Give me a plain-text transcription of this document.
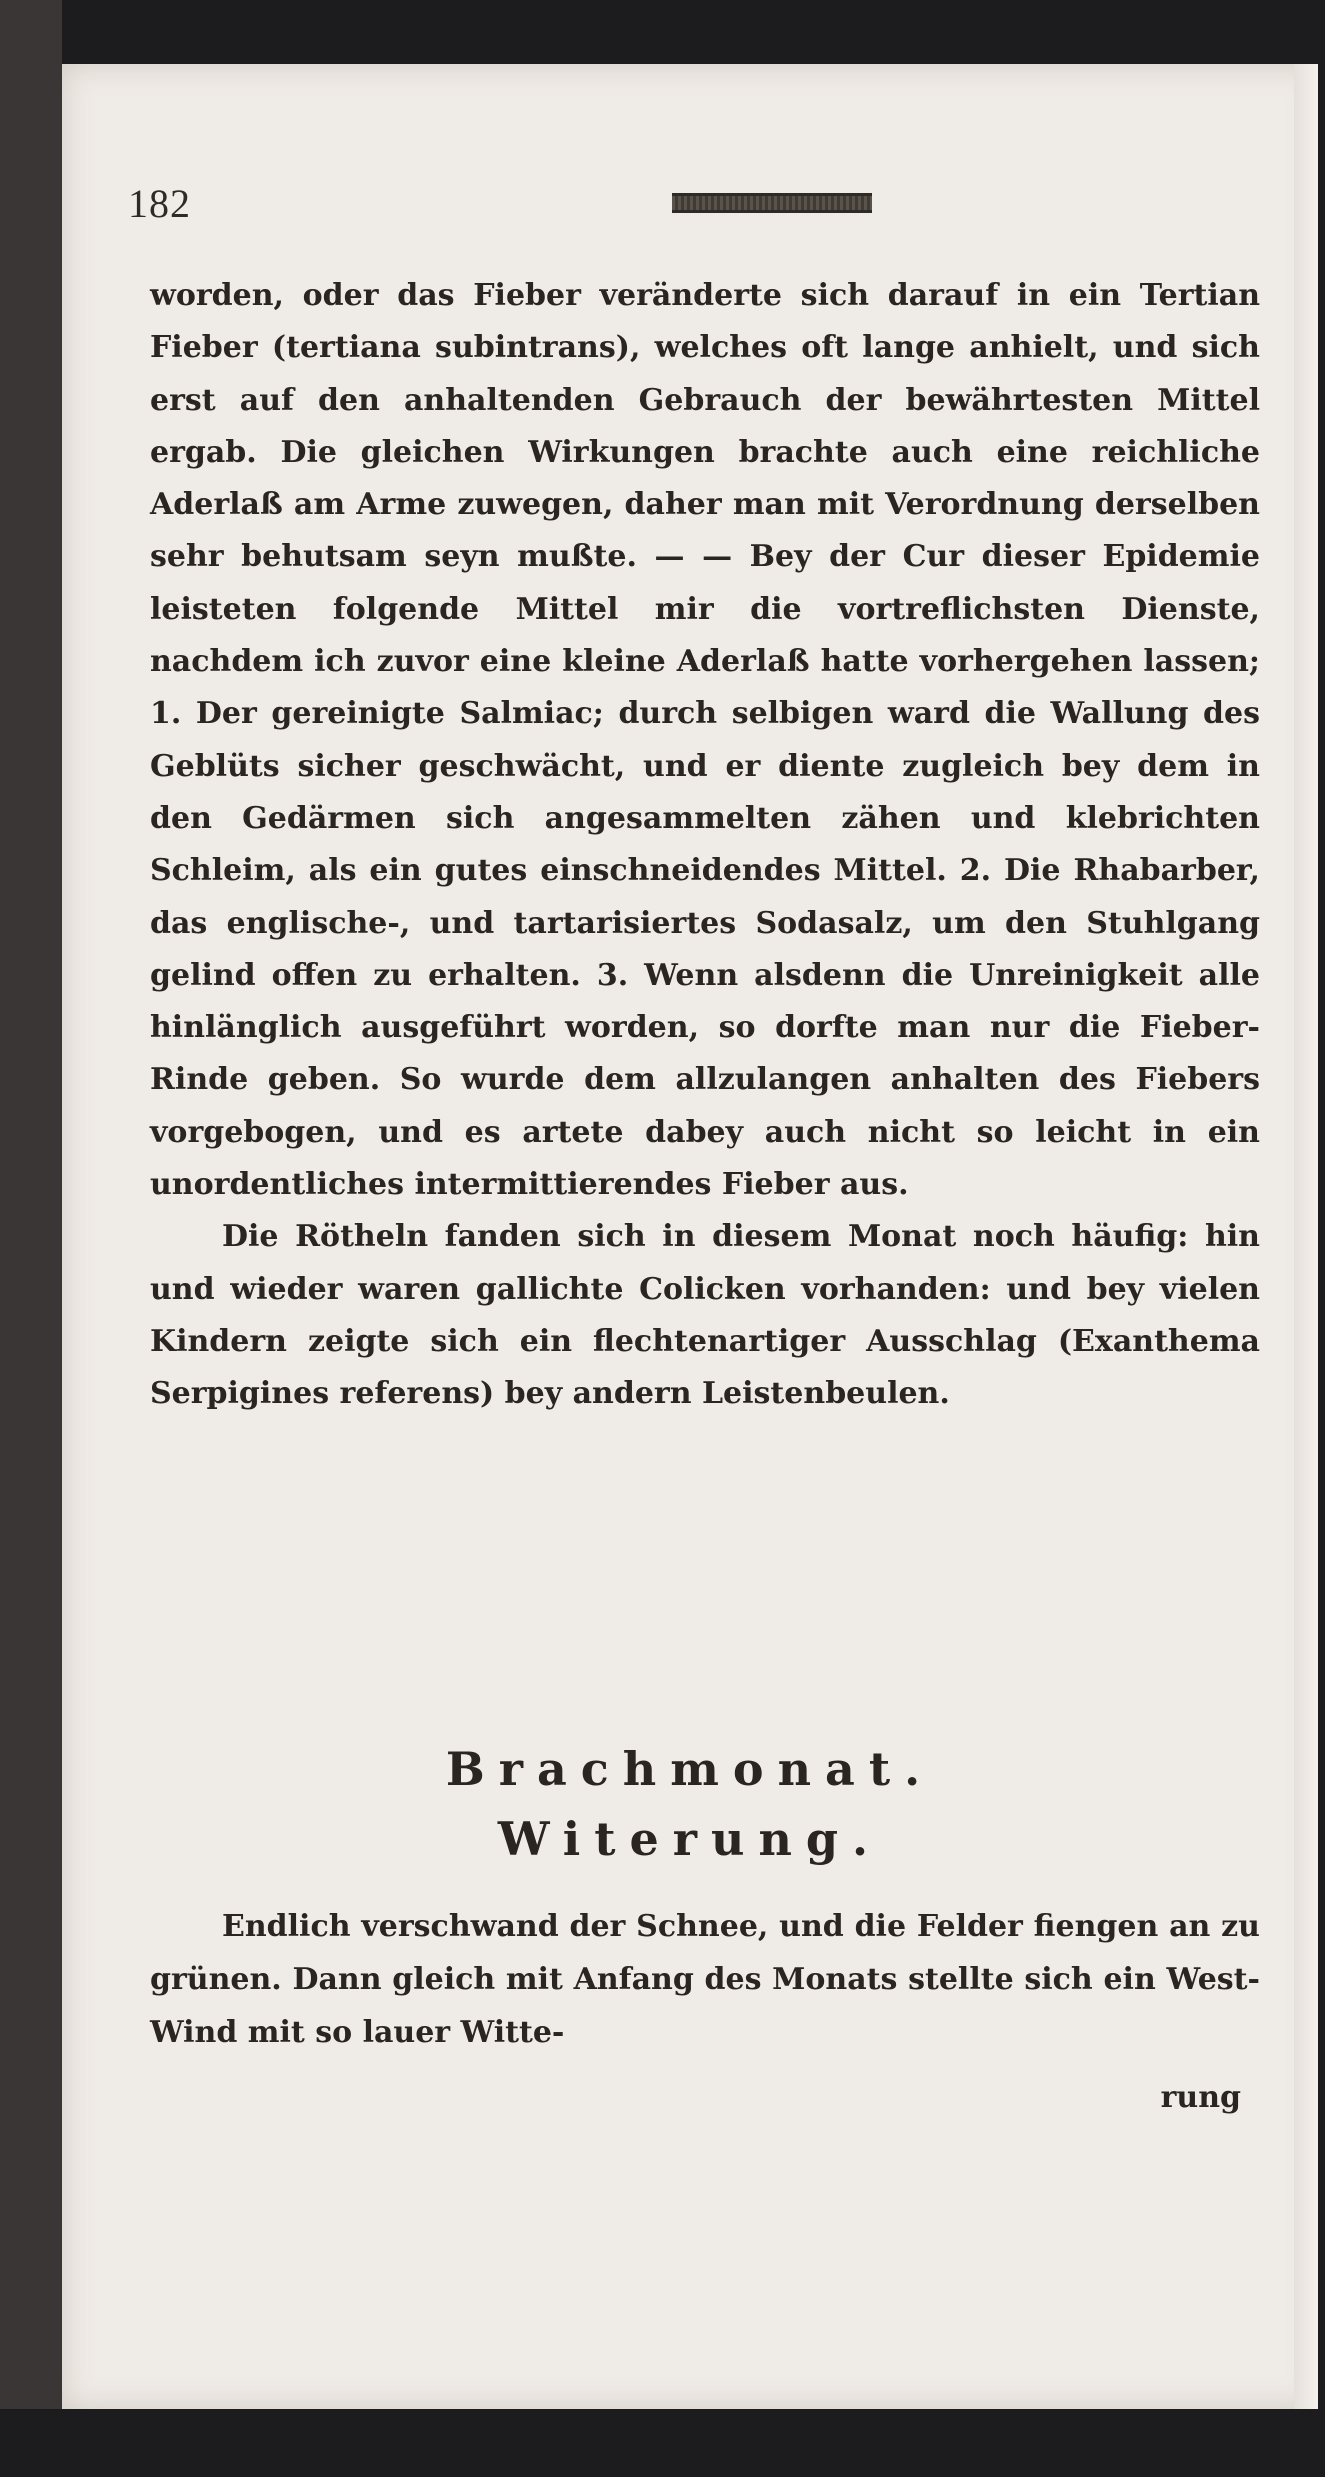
182

worden, oder das Fieber veränderte sich darauf in ein Tertian Fieber (tertiana subintrans), welches oft lange anhielt, und sich erst auf den anhaltenden Gebrauch der bewährtesten Mittel ergab. Die gleichen Wirkungen brachte auch eine reichliche Aderlaß am Arme zuwegen, daher man mit Verordnung derselben sehr behutsam seyn mußte. — — Bey der Cur dieser Epidemie leisteten folgende Mittel mir die vortreflichsten Dienste, nachdem ich zuvor eine kleine Aderlaß hatte vorhergehen lassen; 1. Der gereinigte Salmiac; durch selbigen ward die Wallung des Geblüts sicher geschwächt, und er diente zugleich bey dem in den Gedärmen sich angesammelten zähen und klebrichten Schleim, als ein gutes einschneidendes Mittel. 2. Die Rhabarber, das englische-, und tartarisiertes Sodasalz, um den Stuhlgang gelind offen zu erhalten. 3. Wenn alsdenn die Unreinigkeit alle hinlänglich ausgeführt worden, so dorfte man nur die Fieber-Rinde geben. So wurde dem allzulangen anhalten des Fiebers vorgebogen, und es artete dabey auch nicht so leicht in ein unordentliches intermittierendes Fieber aus.

Die Rötheln fanden sich in diesem Monat noch häufig: hin und wieder waren gallichte Colicken vorhanden: und bey vielen Kindern zeigte sich ein flechtenartiger Ausschlag (Exanthema Serpigines referens) bey andern Leistenbeulen.

Brachmonat.
Witerung.

Endlich verschwand der Schnee, und die Felder fiengen an zu grünen. Dann gleich mit Anfang des Monats stellte sich ein West-Wind mit so lauer Witte-

rung
